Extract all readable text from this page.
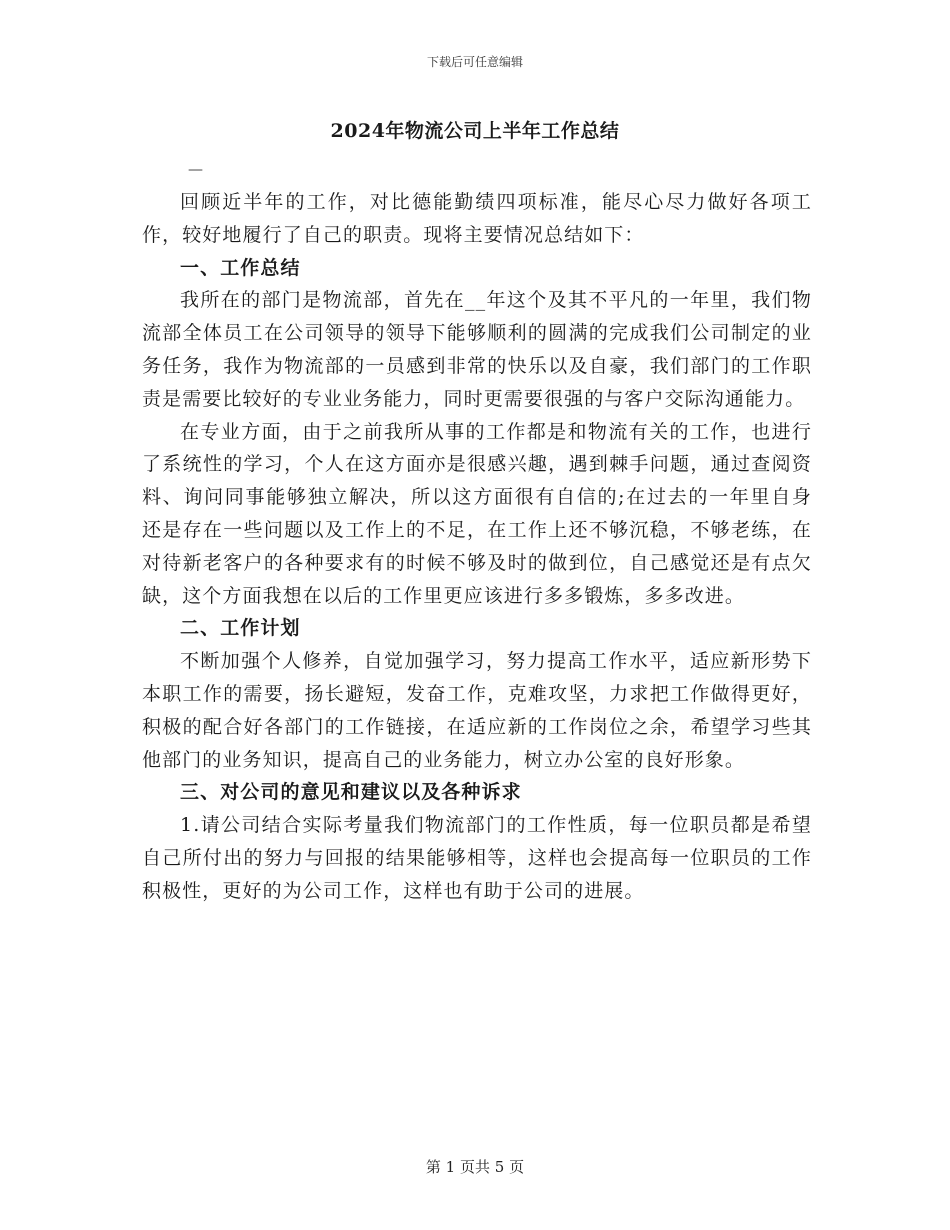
下载后可任意编辑
2024年物流公司上半年工作总结
—

回顾近半年的工作，对比德能勤绩四项标准，能尽心尽力做好各项工作，较好地履行了自己的职责。现将主要情况总结如下：

一、工作总结

我所在的部门是物流部，首先在__年这个及其不平凡的一年里，我们物流部全体员工在公司领导的领导下能够顺利的圆满的完成我们公司制定的业务任务，我作为物流部的一员感到非常的快乐以及自豪，我们部门的工作职责是需要比较好的专业业务能力，同时更需要很强的与客户交际沟通能力。

在专业方面，由于之前我所从事的工作都是和物流有关的工作，也进行了系统性的学习，个人在这方面亦是很感兴趣，遇到棘手问题，通过查阅资料、询问同事能够独立解决，所以这方面很有自信的;在过去的一年里自身还是存在一些问题以及工作上的不足，在工作上还不够沉稳，不够老练，在对待新老客户的各种要求有的时候不够及时的做到位，自己感觉还是有点欠缺，这个方面我想在以后的工作里更应该进行多多锻炼，多多改进。

二、工作计划

不断加强个人修养，自觉加强学习，努力提高工作水平，适应新形势下本职工作的需要，扬长避短，发奋工作，克难攻坚，力求把工作做得更好，积极的配合好各部门的工作链接，在适应新的工作岗位之余，希望学习些其他部门的业务知识，提高自己的业务能力，树立办公室的良好形象。

三、对公司的意见和建议以及各种诉求

1.请公司结合实际考量我们物流部门的工作性质，每一位职员都是希望自己所付出的努力与回报的结果能够相等，这样也会提高每一位职员的工作积极性，更好的为公司工作，这样也有助于公司的进展。

第 1 页共 5 页
